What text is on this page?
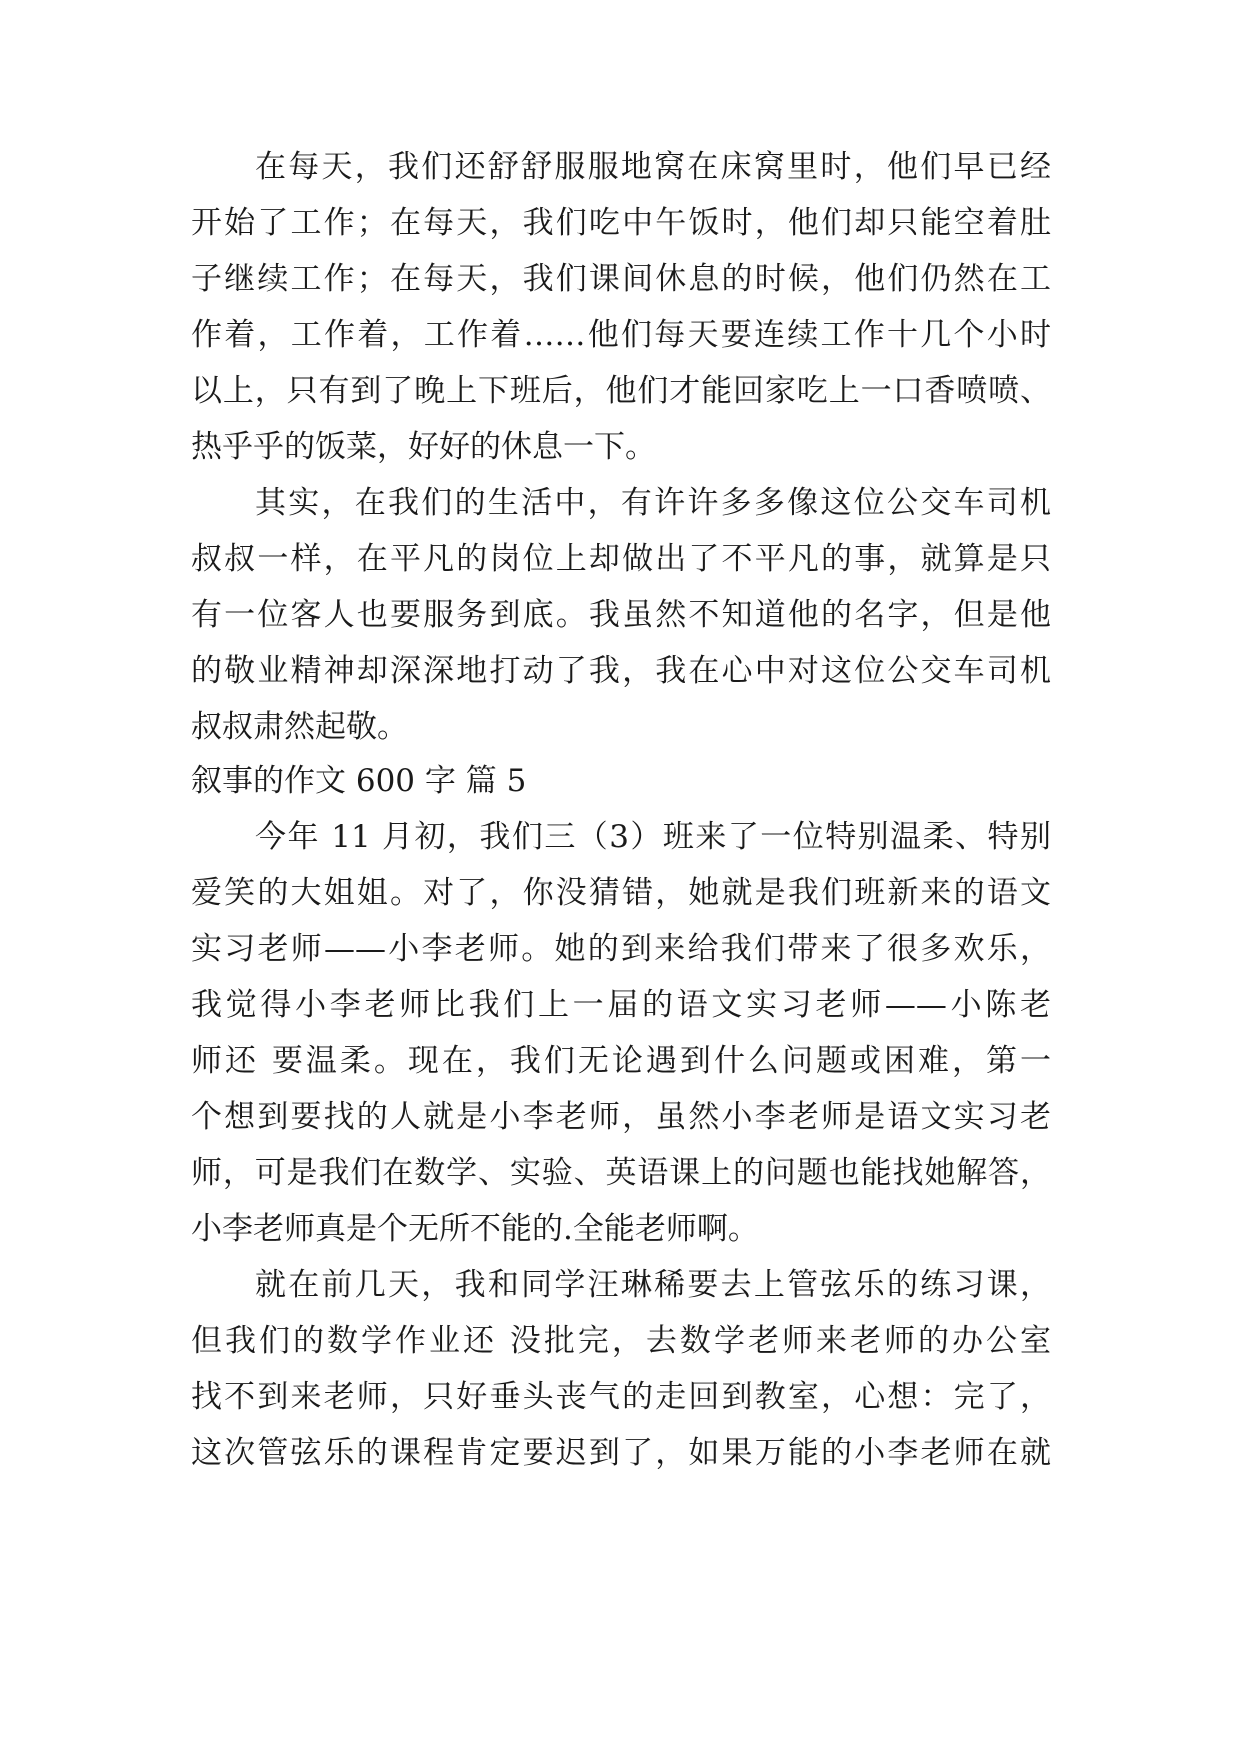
在每天，我们还舒舒服服地窝在床窝里时，他们早已经
开始了工作；在每天，我们吃中午饭时，他们却只能空着肚
子继续工作；在每天，我们课间休息的时候，他们仍然在工
作着，工作着，工作着……他们每天要连续工作十几个小时
以上，只有到了晚上下班后，他们才能回家吃上一口香喷喷、
热乎乎的饭菜，好好的休息一下。
其实，在我们的生活中，有许许多多像这位公交车司机
叔叔一样，在平凡的岗位上却做出了不平凡的事，就算是只
有一位客人也要服务到底。我虽然不知道他的名字，但是他
的敬业精神却深深地打动了我，我在心中对这位公交车司机
叔叔肃然起敬。
叙事的作文 600 字 篇 5
今年 11 月初，我们三（3）班来了一位特别温柔、特别
爱笑的大姐姐。对了，你没猜错，她就是我们班新来的语文
实习老师——小李老师。她的到来给我们带来了很多欢乐，
我觉得小李老师比我们上一届的语文实习老师——小陈老
师还 要温柔。现在，我们无论遇到什么问题或困难，第一
个想到要找的人就是小李老师，虽然小李老师是语文实习老
师，可是我们在数学、实验、英语课上的问题也能找她解答，
小李老师真是个无所不能的.全能老师啊。
就在前几天，我和同学汪琳稀要去上管弦乐的练习课，
但我们的数学作业还 没批完，去数学老师来老师的办公室
找不到来老师，只好垂头丧气的走回到教室，心想：完了，
这次管弦乐的课程肯定要迟到了，如果万能的小李老师在就
